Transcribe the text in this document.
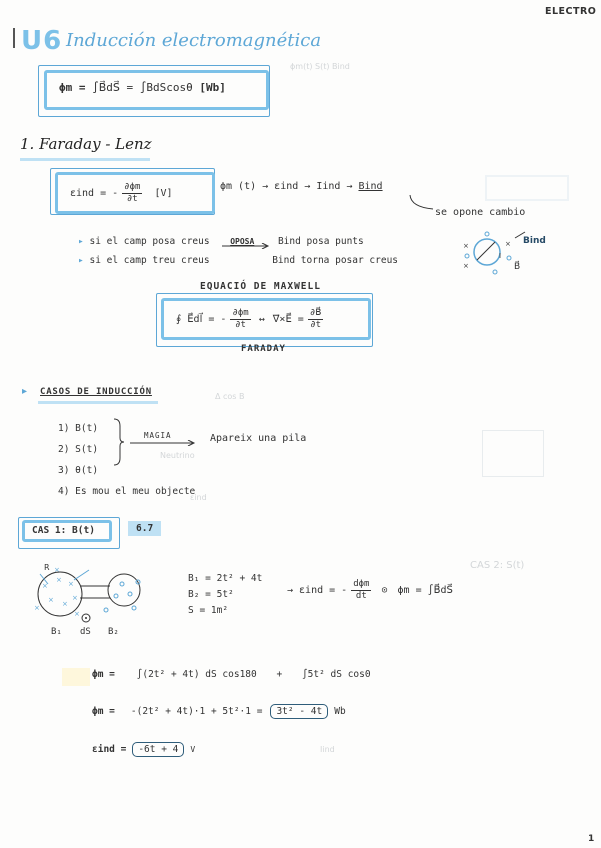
ϕm(t) S(t) Bind
Δ cos B
Neutrino
CAS 2: S(t)
εind
Iind
ELECTRO
U6 Inducción electromagnética
ϕm = ∫B⃗dS⃗ = ∫BdScosθ [Wb]
1. Faraday - Lenz
εind = - $\frac{\partial\phi m}{\partial t} [V]$
ϕm (t) → εind → Iind → Bind
se opone cambio
▸ si el camp posa creus	OPOSA Bind posa punts
▸ si el camp treu creus	Bind torna posar creus
×
×
× Bind
B⃗
I
EQUACIÓ DE MAXWELL
∮ E⃗dl⃗ = - $\frac{\partial\phi m}{\partial t}$ ↔ ∇⃗×E⃗ = $\frac{\partial B⃗}{\partial t}$
FARADAY
▸ CASOS DE INDUCCIÓN
1) B(t)
2) S(t)
3) θ(t)
4) Es mou el meu objecte
MAGIA	Apareix una pila
CAS 1: B(t)	6.7
×
× ×
× ×
×
×
×
×
R
B₁ dS B₂
B₁ = 2t² + 4t
B₂ = 5t²
S = 1m²
→ εind = - $\frac{\text{dϕm}}{dt}$ ⊙ ϕm = ∫B⃗dS⃗
ϕm = ∫(2t² + 4t) dS cos180 + ∫5t² dS cos0
ϕm = -(2t² + 4t)·1 + 5t²·1 =	3t² - 4t	Wb
εind =	-6t + 4	V
1
